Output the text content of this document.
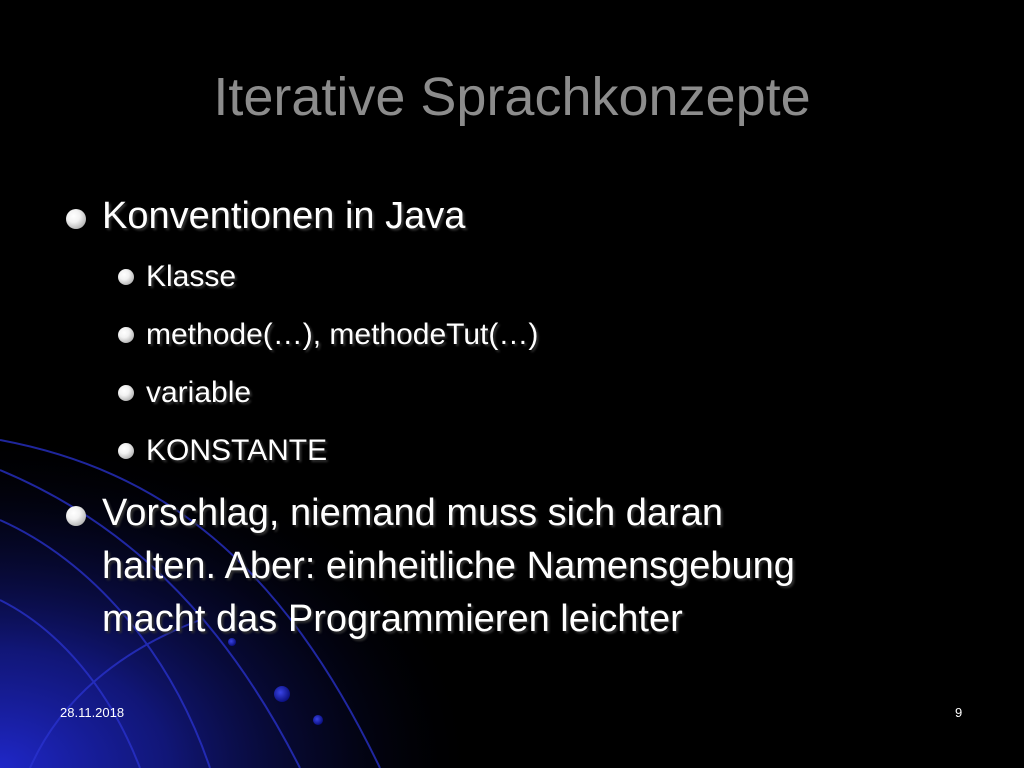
Iterative Sprachkonzepte
Konventionen in Java
Klasse
methode(…), methodeTut(…)
variable
KONSTANTE
Vorschlag, niemand muss sich daran
halten. Aber: einheitliche Namensgebung
macht das Programmieren leichter
28.11.2018	9
